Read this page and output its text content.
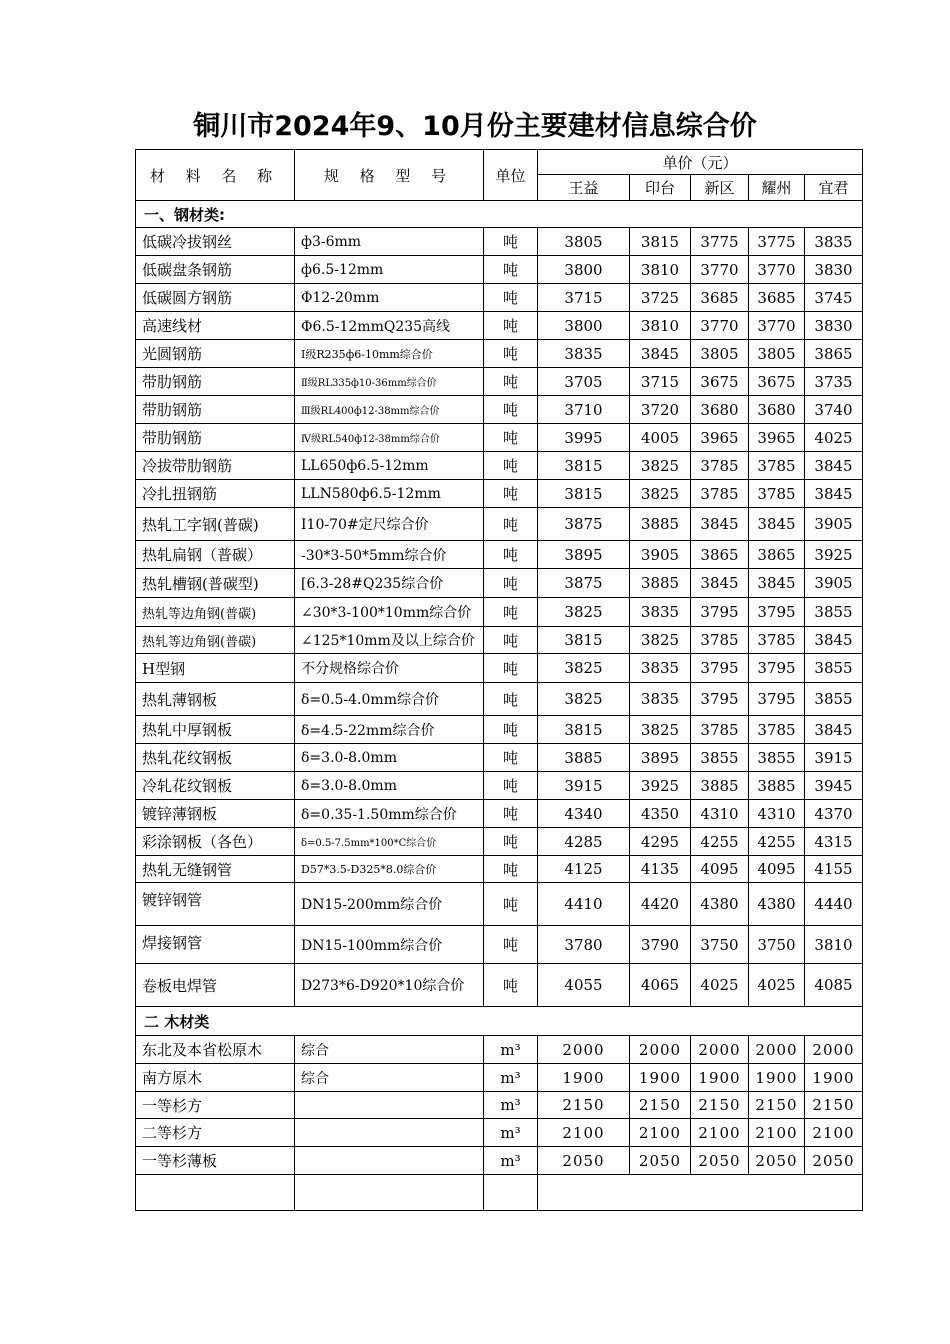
铜川市2024年9、10月份主要建材信息综合价
材 料 名 称	规 格 型 号	单位	单价（元）				
			王益	印台	新区	耀州	宜君
一、钢材类:							
低碳冷拔钢丝	ф3-6mm	吨	3805	3815	3775	3775	3835
低碳盘条钢筋	ф6.5-12mm	吨	3800	3810	3770	3770	3830
低碳圆方钢筋	Φ12-20mm	吨	3715	3725	3685	3685	3745
高速线材	Φ6.5-12mmQ235高线	吨	3800	3810	3770	3770	3830
光圆钢筋	Ⅰ级R235ф6-10mm综合价	吨	3835	3845	3805	3805	3865
带肋钢筋	Ⅱ级RL335ф10-36mm综合价	吨	3705	3715	3675	3675	3735
带肋钢筋	Ⅲ级RL400ф12-38mm综合价	吨	3710	3720	3680	3680	3740
带肋钢筋	Ⅳ级RL540ф12-38mm综合价	吨	3995	4005	3965	3965	4025
冷拔带肋钢筋	LL650ф6.5-12mm	吨	3815	3825	3785	3785	3845
冷扎扭钢筋	LLN580ф6.5-12mm	吨	3815	3825	3785	3785	3845
热轧工字钢(普碳)	Ⅰ10-70#定尺综合价	吨	3875	3885	3845	3845	3905
热轧扁钢（普碳）	-30*3-50*5mm综合价	吨	3895	3905	3865	3865	3925
热轧槽钢(普碳型)	[6.3-28#Q235综合价	吨	3875	3885	3845	3845	3905
热轧等边角钢(普碳)	∠30*3-100*10mm综合价	吨	3825	3835	3795	3795	3855
热轧等边角钢(普碳)	∠125*10mm及以上综合价	吨	3815	3825	3785	3785	3845
H型钢	不分规格综合价	吨	3825	3835	3795	3795	3855
热轧薄钢板	δ=0.5-4.0mm综合价	吨	3825	3835	3795	3795	3855
热轧中厚钢板	δ=4.5-22mm综合价	吨	3815	3825	3785	3785	3845
热轧花纹钢板	δ=3.0-8.0mm	吨	3885	3895	3855	3855	3915
冷轧花纹钢板	δ=3.0-8.0mm	吨	3915	3925	3885	3885	3945
镀锌薄钢板	δ=0.35-1.50mm综合价	吨	4340	4350	4310	4310	4370
彩涂钢板（各色）	δ=0.5-7.5mm*100*C综合价	吨	4285	4295	4255	4255	4315
热轧无缝钢管	D57*3.5-D325*8.0综合价	吨	4125	4135	4095	4095	4155
镀锌钢管	DN15-200mm综合价	吨	4410	4420	4380	4380	4440
焊接钢管	DN15-100mm综合价	吨	3780	3790	3750	3750	3810
卷板电焊管	D273*6-D920*10综合价	吨	4055	4065	4025	4025	4085
二 木材类							
东北及本省松原木	综合	m³	2000	2000	2000	2000	2000
南方原木	综合	m³	1900	1900	1900	1900	1900
一等杉方		m³	2150	2150	2150	2150	2150
二等杉方		m³	2100	2100	2100	2100	2100
一等杉薄板		m³	2050	2050	2050	2050	2050
